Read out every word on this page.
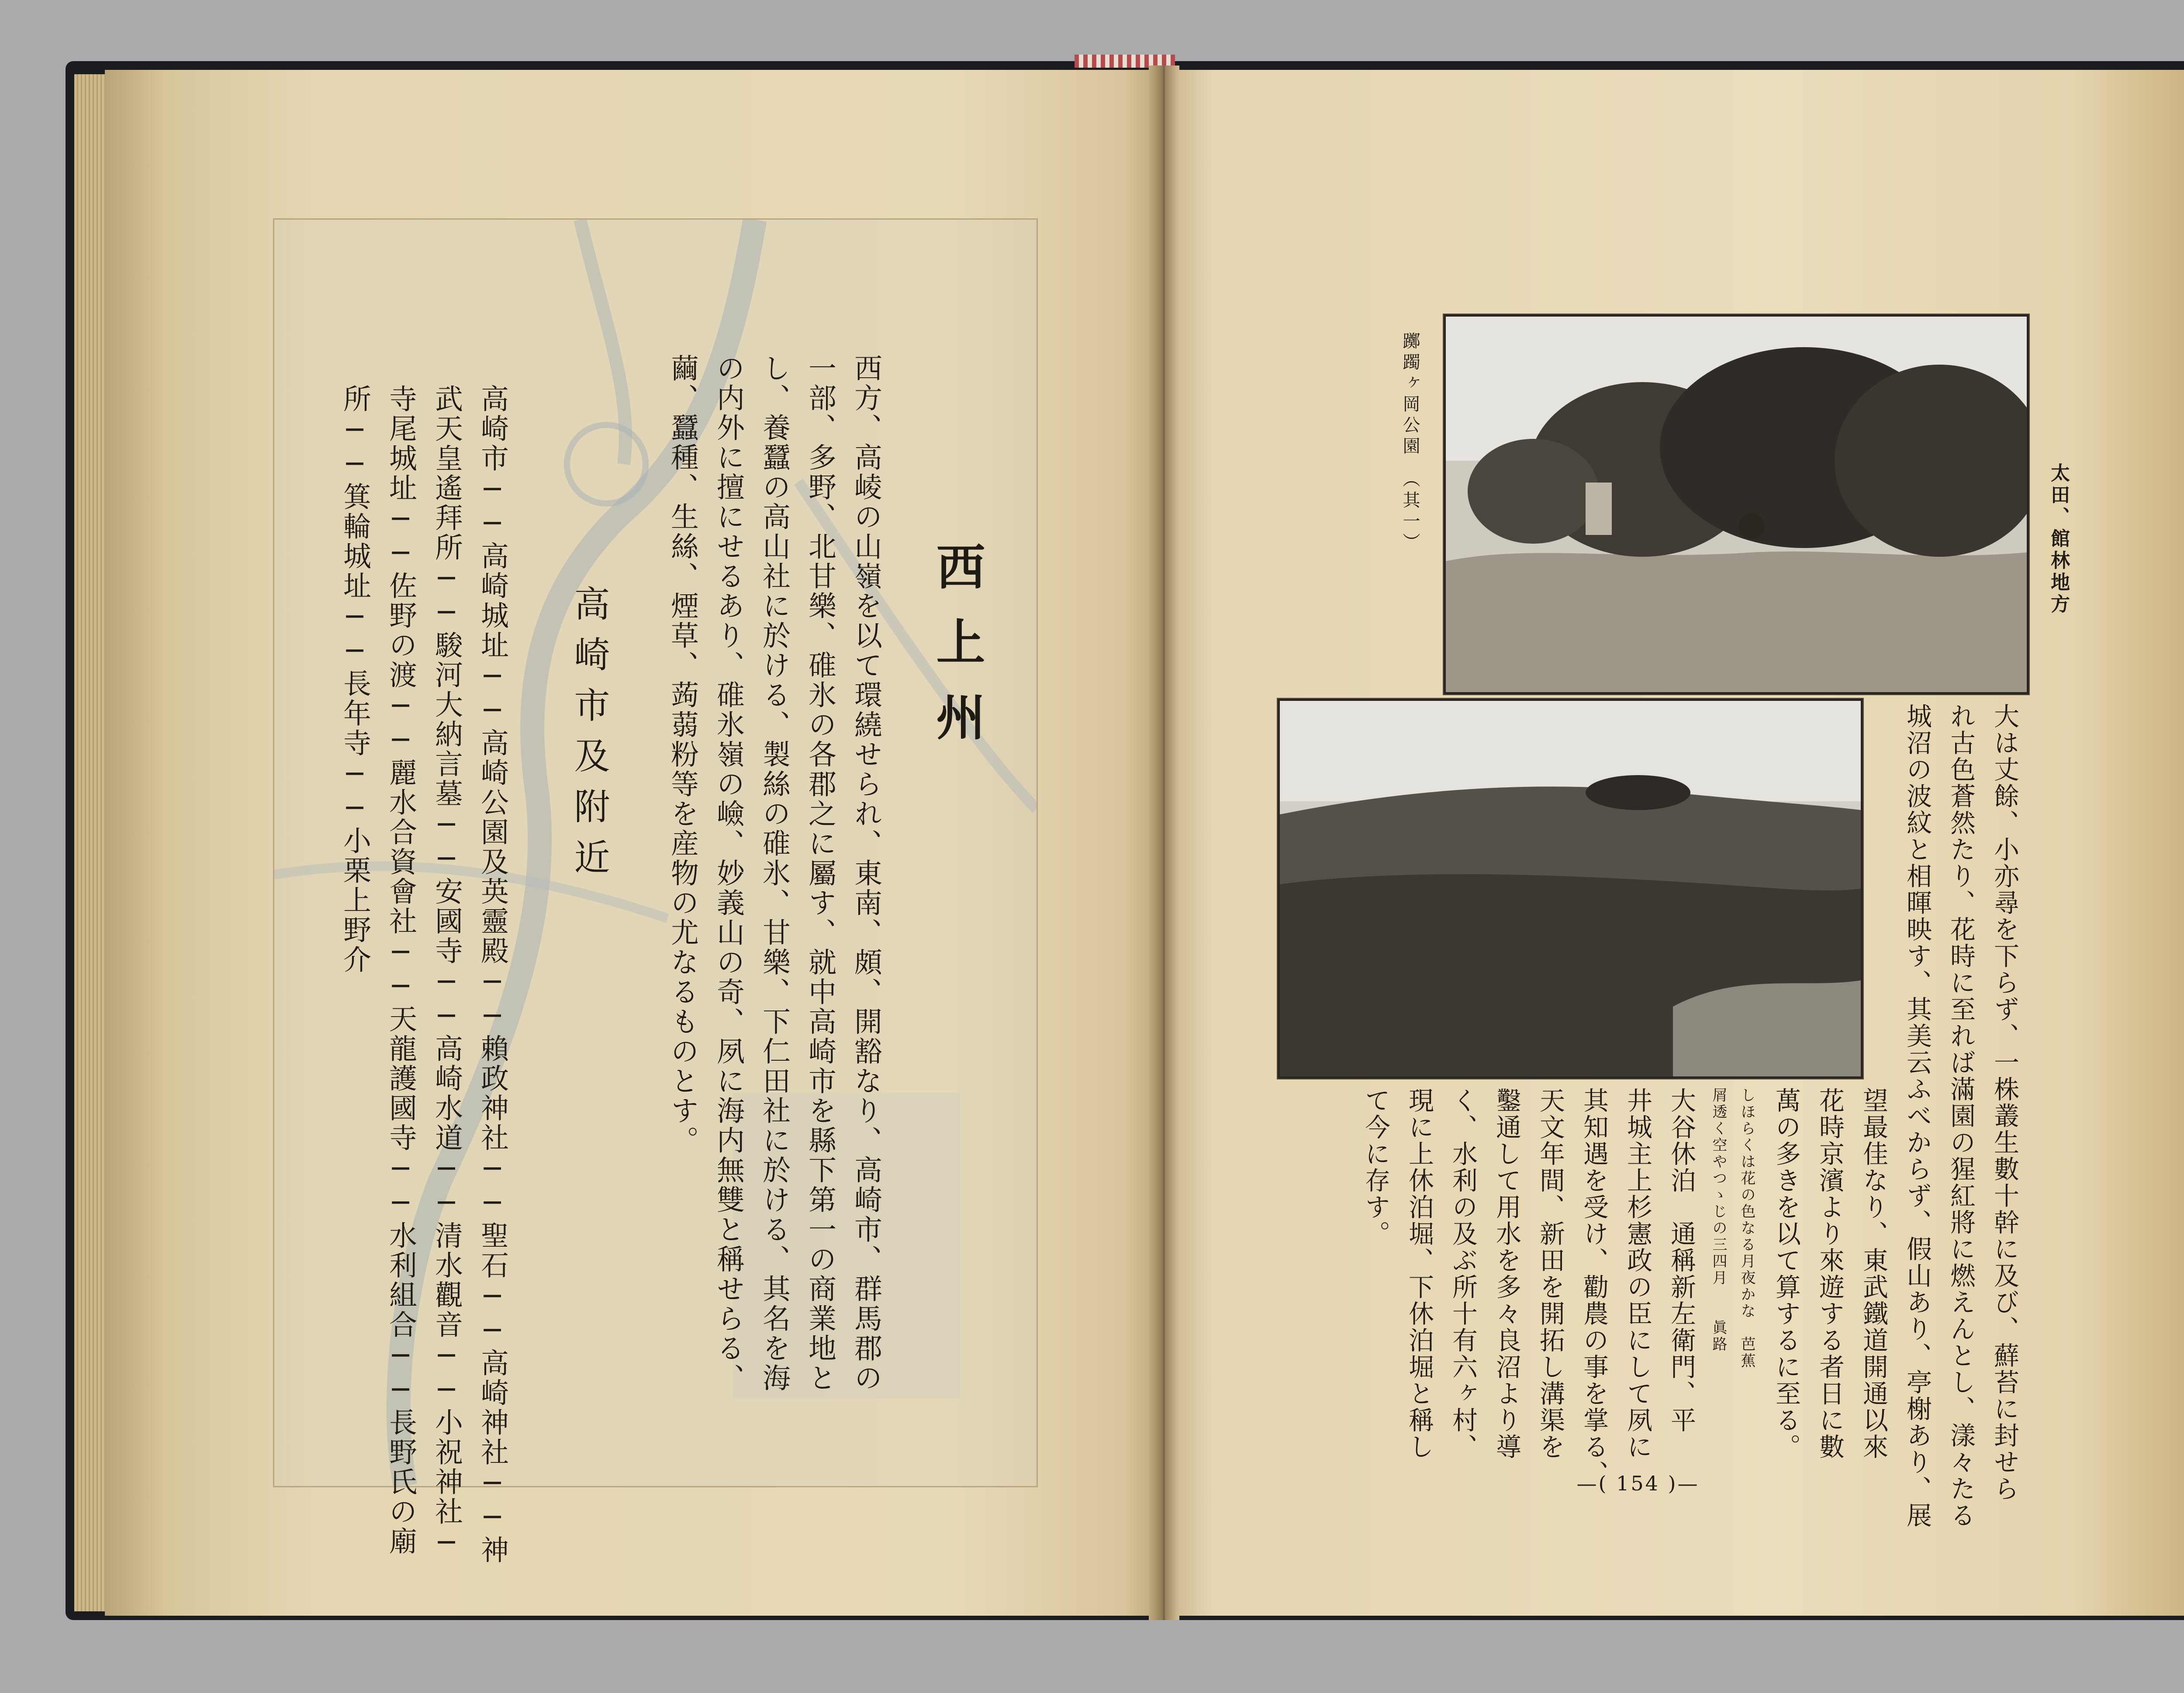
西上州
高崎市及附近	西方、高崚の山嶺を以て環繞せられ、東南、頗、開豁なり、高崎市、群馬郡の
一部、多野、北甘樂、碓氷の各郡之に屬す、就中高崎市を縣下第一の商業地と
し、養蠶の高山社に於ける、製絲の碓氷、甘樂、下仁田社に於ける、其名を海
の内外に擅にせるあり、碓氷嶺の嶮、妙義山の奇、夙に海内無雙と稱せらる、
繭、蠶種、生絲、煙草、蒟蒻粉等を産物の尤なるものとす。
高崎市──高崎城址──高崎公園及英靈殿──賴政神社──聖石──高崎神社──神
武天皇遙拜所──駿河大納言墓──安國寺──高崎水道──清水觀音──小祝神社─
寺尾城址──佐野の渡──麗水合資會社──天龍護國寺──水利組合──長野氏の廟
所──箕輪城址──長年寺──小栗上野介	太田、館林地方
躑躅ヶ岡公園　（其一）
大は丈餘、小亦尋を下らず、一株叢生數十幹に及び、蘚苔に封せら
れ古色蒼然たり、花時に至れば滿園の猩紅將に燃えんとし、漾々たる
城沼の波紋と相暉映す、其美云ふべからず、假山あり、亭榭あり、展
望最佳なり、東武鐵道開通以來
花時京濱より來遊する者日に數
萬の多きを以て算するに至る。
しほらくは花の色なる月夜かな　芭蕉
屑透く空やつゝじの三四月　　眞路
大谷休泊　通稱新左衛門、平
井城主上杉憲政の臣にして夙に
其知遇を受け、勸農の事を掌る、
天文年間、新田を開拓し溝渠を
鑿通して用水を多々良沼より導
く、水利の及ぶ所十有六ヶ村、
現に上休泊堀、下休泊堀と稱し
て今に存す。
—( 154 )—
